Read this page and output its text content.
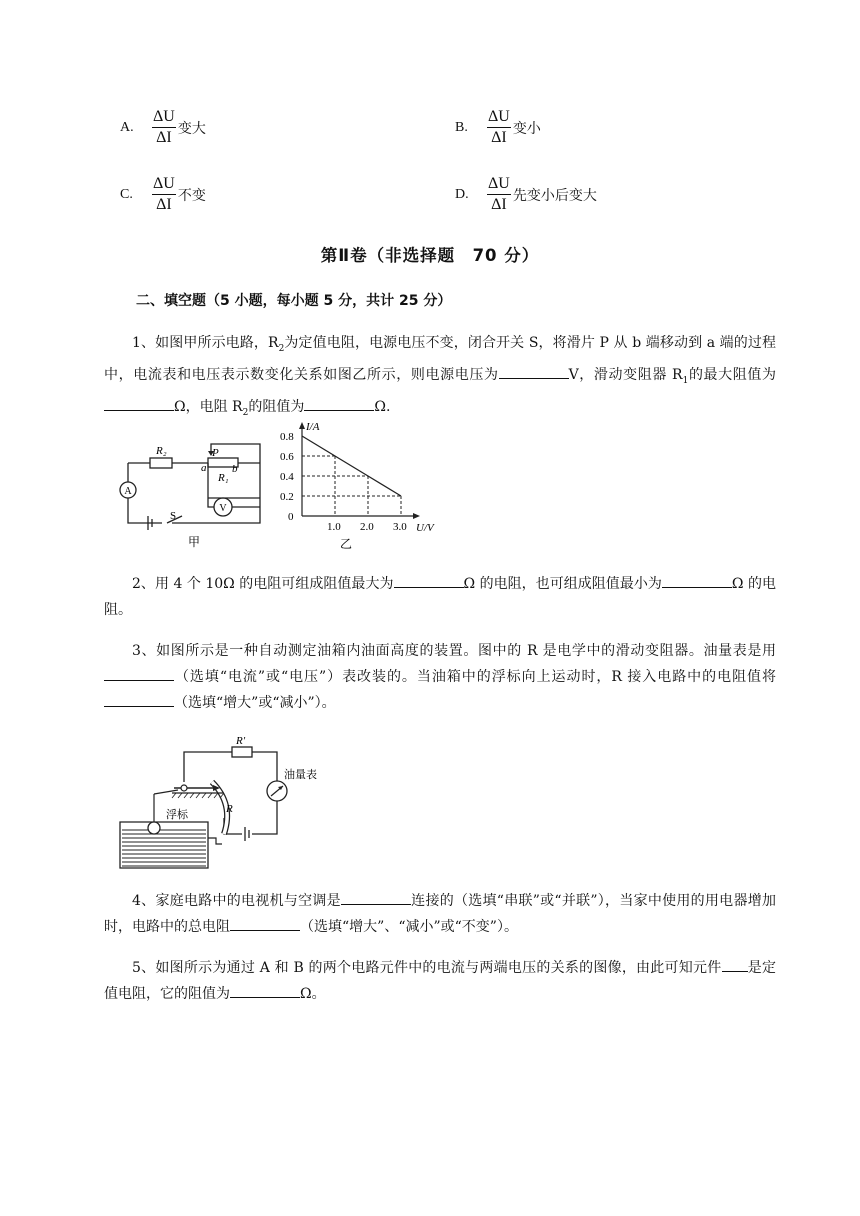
A.	$\frac{\Delta U}{\Delta I}$ 变大	B.	$\frac{\Delta U}{\Delta I}$ 变小
C.	$\frac{\Delta U}{\Delta I}$ 不变	D.	$\frac{\Delta U}{\Delta I}$ 先变小后变大
第Ⅱ卷（非选择题　70 分）
二、填空题（5 小题，每小题 5 分，共计 25 分）
1、如图甲所示电路，$R_2$为定值电阻，电源电压不变，闭合开关 S，将滑片 P 从 b 端移动到 a 端的过程中，电流表和电压表示数变化关系如图乙所示，则电源电压为	V，滑动变阻器 $R_1$的最大阻值为Ω，电阻 $R_2$的阻值为	Ω.
A
V
R₂	P
a b
R₁
S
甲
0.8
0.6
0.4
0.2
1.0 2.0 3.0
I/A
U/V
0
乙
2、用 4 个 10Ω 的电阻可组成阻值最大为	Ω 的电阻，也可组成阻值最小为	Ω 的电阻。
3、如图所示是一种自动测定油箱内油面高度的装置。图中的 R 是电学中的滑动变阻器。油量表是用（选填“电流”或“电压”）表改装的。当油箱中的浮标向上运动时，R 接入电路中的电阻值将（选填“增大”或“减小”）。
R′
R
油量表
浮标
4、家庭电路中的电视机与空调是	连接的（选填“串联”或“并联”），当家中使用的用电器增加时，电路中的总电阻	（选填“增大”、“减小”或“不变”）。
5、如图所示为通过 A 和 B 的两个电路元件中的电流与两端电压的关系的图像，由此可知元件 是定值电阻，它的阻值为	Ω。
